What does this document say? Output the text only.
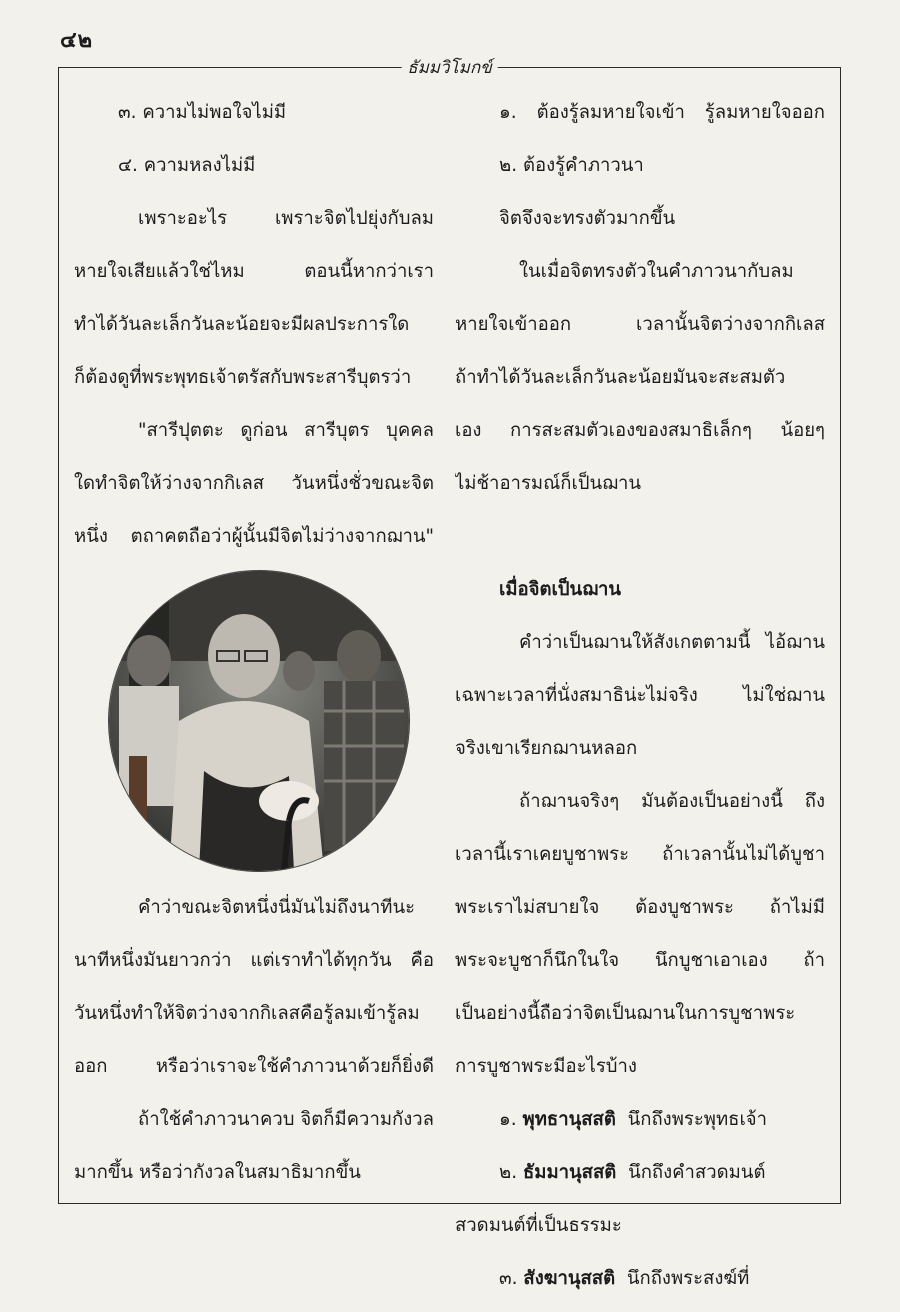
๔๒
ธัมมวิโมกข์
๓. ความไม่พอใจไม่มี
๔. ความหลงไม่มี
เพราะอะไร เพราะจิตไปยุ่งกับลม
หายใจเสียแล้วใช่ไหม ตอนนี้หากว่าเรา
ทำได้วันละเล็กวันละน้อยจะมีผลประการใด
ก็ต้องดูที่พระพุทธเจ้าตรัสกับพระสารีบุตรว่า
"สารีปุตตะ ดูก่อน สารีบุตร บุคคล
ใดทำจิตให้ว่างจากกิเลส วันหนึ่งชั่วขณะจิต
หนึ่ง ตถาคตถือว่าผู้นั้นมีจิตไม่ว่างจากฌาน"
คำว่าขณะจิตหนึ่งนี่มันไม่ถึงนาทีนะ
นาทีหนึ่งมันยาวกว่า แต่เราทำได้ทุกวัน คือ
วันหนึ่งทำให้จิตว่างจากกิเลสคือรู้ลมเข้ารู้ลม
ออก หรือว่าเราจะใช้คำภาวนาด้วยก็ยิ่งดี
ถ้าใช้คำภาวนาควบ จิตก็มีความกังวล
มากขึ้น หรือว่ากังวลในสมาธิมากขึ้น
๑. ต้องรู้ลมหายใจเข้า รู้ลมหายใจออก
๒. ต้องรู้คำภาวนา
จิตจึงจะทรงตัวมากขึ้น
ในเมื่อจิตทรงตัวในคำภาวนากับลม
หายใจเข้าออก เวลานั้นจิตว่างจากกิเลส
ถ้าทำได้วันละเล็กวันละน้อยมันจะสะสมตัว
เอง การสะสมตัวเองของสมาธิเล็กๆ น้อยๆ
ไม่ช้าอารมณ์ก็เป็นฌาน
เมื่อจิตเป็นฌาน
คำว่าเป็นฌานให้สังเกตตามนี้ ไอ้ฌาน
เฉพาะเวลาที่นั่งสมาธิน่ะไม่จริง ไม่ใช่ฌาน
จริงเขาเรียกฌานหลอก
ถ้าฌานจริงๆ มันต้องเป็นอย่างนี้ ถึง
เวลานี้เราเคยบูชาพระ ถ้าเวลานั้นไม่ได้บูชา
พระเราไม่สบายใจ ต้องบูชาพระ ถ้าไม่มี
พระจะบูชาก็นึกในใจ นึกบูชาเอาเอง ถ้า
เป็นอย่างนี้ถือว่าจิตเป็นฌานในการบูชาพระ
การบูชาพระมีอะไรบ้าง
๑. พุทธานุสสติ นึกถึงพระพุทธเจ้า
๒. ธัมมานุสสติ นึกถึงคำสวดมนต์
สวดมนต์ที่เป็นธรรมะ
๓. สังฆานุสสติ นึกถึงพระสงฆ์ที่
